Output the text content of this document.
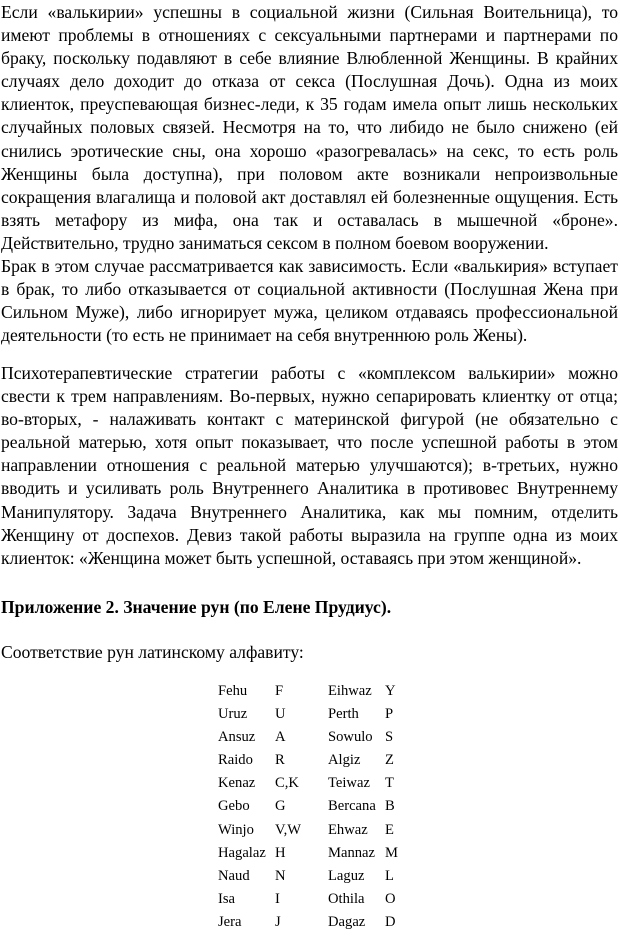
Если «валькирии» успешны в социальной жизни (Сильная Воительница), то имеют проблемы в отношениях с сексуальными партнерами и партнерами по браку, поскольку подавляют в себе влияние Влюбленной Женщины. В крайних случаях дело доходит до отказа от секса (Послушная Дочь). Одна из моих клиенток, преуспевающая бизнес-леди, к 35 годам имела опыт лишь нескольких случайных половых связей. Несмотря на то, что либидо не было снижено (ей снились эротические сны, она хорошо «разогревалась» на секс, то есть роль Женщины была доступна), при половом акте возникали непроизвольные сокращения влагалища и половой акт доставлял ей болезненные ощущения. Есть взять метафору из мифа, она так и оставалась в мышечной «броне». Действительно, трудно заниматься сексом в полном боевом вооружении.

Брак в этом случае рассматривается как зависимость. Если «валькирия» вступает в брак, то либо отказывается от социальной активности (Послушная Жена при Сильном Муже), либо игнорирует мужа, целиком отдаваясь профессиональной деятельности (то есть не принимает на себя внутреннюю роль Жены).

Психотерапевтические стратегии работы с «комплексом валькирии» можно свести к трем направлениям. Во-первых, нужно сепарировать клиентку от отца; во-вторых, - налаживать контакт с материнской фигурой (не обязательно с реальной матерью, хотя опыт показывает, что после успешной работы в этом направлении отношения с реальной матерью улучшаются); в-третьих, нужно вводить и усиливать роль Внутреннего Аналитика в противовес Внутреннему Манипулятору. Задача Внутреннего Аналитика, как мы помним, отделить Женщину от доспехов. Девиз такой работы выразила на группе одна из моих клиенток: «Женщина может быть успешной, оставаясь при этом женщиной».

Приложение 2. Значение рун (по Елене Прудиус).

Соответствие рун латинскому алфавиту:

Fehu F	Eihwaz Y
Uruz U	Perth P
Ansuz A	Sowulo S
Raido R	Algiz Z
Kenaz C,K Teiwaz T
Gebo G	Bercana B
Winjo V,W Ehwaz E
Hagalaz H	Mannaz M
Naud N	Laguz L
Isa	I	Othila O
Jera J	Dagaz D
